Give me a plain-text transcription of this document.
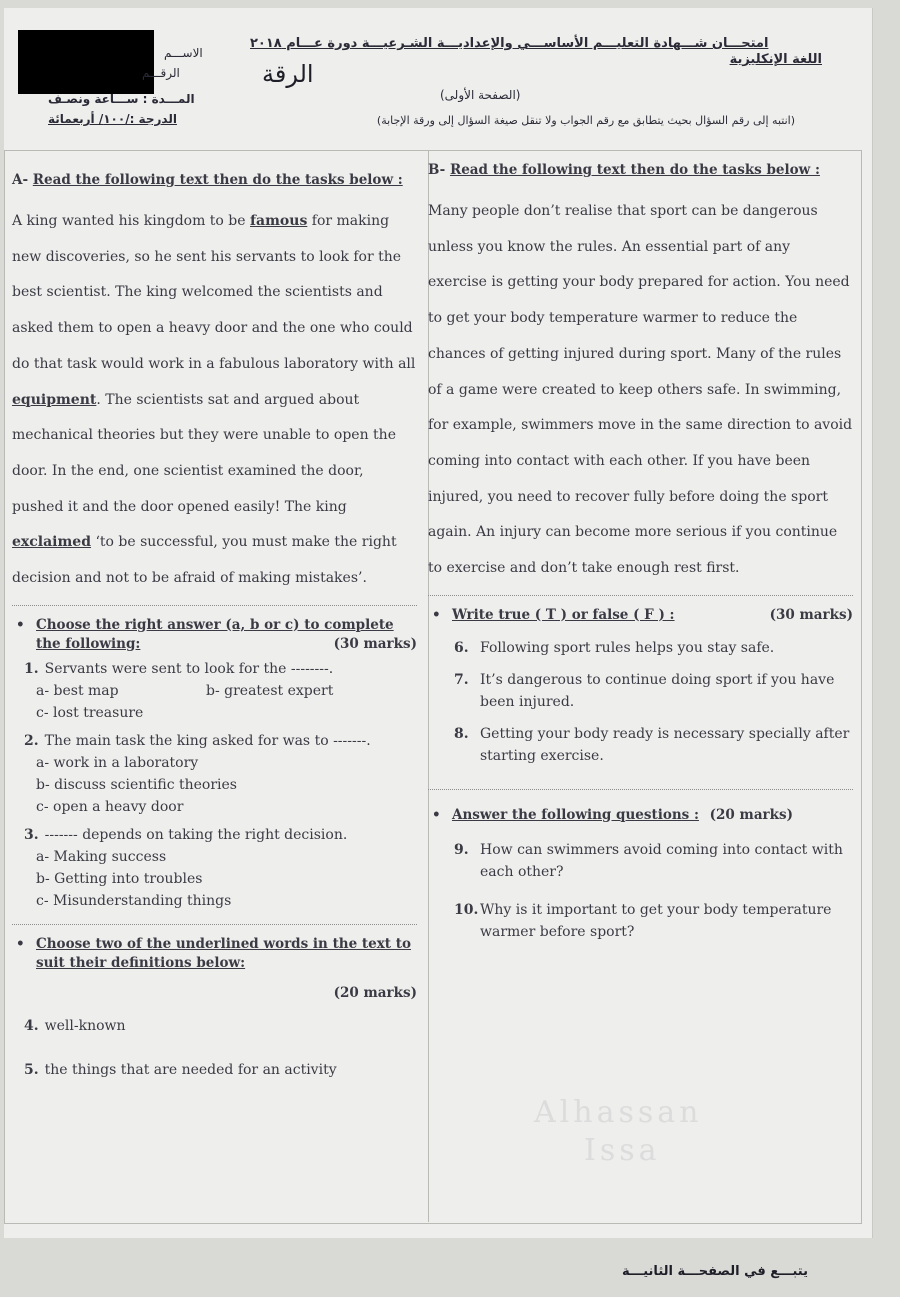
الاســـم
الرقـــم
المـــدة : ســـاعة ونصـف
الدرجة :/١٠٠/ أربعمائة
امتحـــان شـــهادة التعليـــم الأساســـي والإعداديـــة الشـرعيـــة دورة عـــام ٢٠١٨
الرقة
اللغة الإنكليزية
(الصفحة الأولى)
(انتبه إلى رقم السؤال بحيث يتطابق مع رقم الجواب ولا تنقل صيغة السؤال إلى ورقة الإجابة)
A- Read the following text then do the tasks below :

A king wanted his kingdom to be famous for making new discoveries, so he sent his servants to look for the best scientist. The king welcomed the scientists and asked them to open a heavy door and the one who could do that task would work in a fabulous laboratory with all equipment. The scientists sat and argued about mechanical theories but they were unable to open the door. In the end, one scientist examined the door, pushed it and the door opened easily! The king exclaimed ‘to be successful, you must make the right decision and not to be afraid of making mistakes’.

• Choose the right answer (a, b or c) to complete the following:	(30 marks)
1. Servants were sent to look for the --------.
a- best map	b- greatest expert
c- lost treasure
2. The main task the king asked for was to -------.
a- work in a laboratory
b- discuss scientific theories
c- open a heavy door
3. ------- depends on taking the right decision.
a- Making success
b- Getting into troubles
c- Misunderstanding things
• Choose two of the underlined words in the text to suit their definitions below:
(20 marks)
4. well-known
5. the things that are needed for an activity
B- Read the following text then do the tasks below :

Many people don’t realise that sport can be dangerous unless you know the rules. An essential part of any exercise is getting your body prepared for action. You need to get your body temperature warmer to reduce the chances of getting injured during sport. Many of the rules of a game were created to keep others safe. In swimming, for example, swimmers move in the same direction to avoid coming into contact with each other. If you have been injured, you need to recover fully before doing the sport again. An injury can become more serious if you continue to exercise and don’t take enough rest first.

• Write true ( T ) or false ( F ) :	(30 marks)
6. Following sport rules helps you stay safe.
7. It’s dangerous to continue doing sport if you have been injured.
8. Getting your body ready is necessary specially after starting exercise.
• Answer the following questions : (20 marks)
9. How can swimmers avoid coming into contact with each other?
10. Why is it important to get your body temperature warmer before sport?
Alhassan
Issa
يتبـــع في الصفحـــة الثانيـــة
